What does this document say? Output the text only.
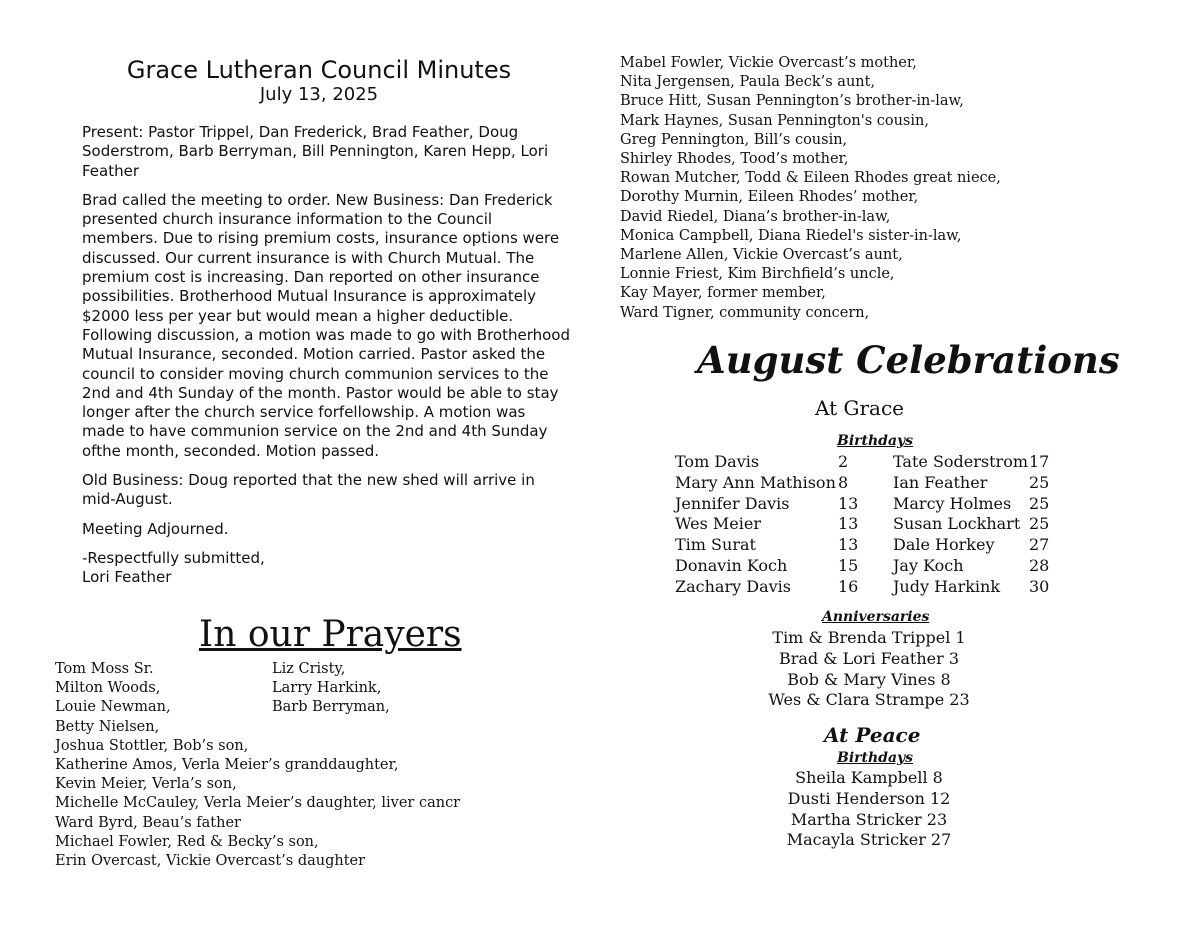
Grace Lutheran Council Minutes
July 13, 2025

Present: Pastor Trippel, Dan Frederick, Brad Feather, Doug Soderstrom, Barb Berryman, Bill Pennington, Karen Hepp, Lori Feather

Brad called the meeting to order. New Business: Dan Frederick presented church insurance information to the Council members. Due to rising premium costs, insurance options were discussed. Our current insurance is with Church Mutual. The premium cost is increasing. Dan reported on other insurance possibilities. Brotherhood Mutual Insurance is approximately $2000 less per year but would mean a higher deductible. Following discussion, a motion was made to go with Brotherhood Mutual Insurance, seconded. Motion carried. Pastor asked the council to consider moving church communion services to the 2nd and 4th Sunday of the month. Pastor would be able to stay longer after the church service forfellowship. A motion was made to have communion service on the 2nd and 4th Sunday ofthe month, seconded. Motion passed.

Old Business: Doug reported that the new shed will arrive in mid-August.

Meeting Adjourned.

-Respectfully submitted,
Lori Feather

In our Prayers
Tom Moss Sr.
Milton Woods,
Louie Newman,
Betty Nielsen,
Joshua Stottler, Bob’s son,
Katherine Amos, Verla Meier’s granddaughter,
Kevin Meier, Verla’s son,
Michelle McCauley, Verla Meier’s daughter, liver cancr
Ward Byrd, Beau’s father
Michael Fowler, Red & Becky’s son,
Erin Overcast, Vickie Overcast’s daughter
Liz Cristy,
Larry Harkink,
Barb Berryman,
Mabel Fowler, Vickie Overcast’s mother,
Nita Jergensen, Paula Beck’s aunt,
Bruce Hitt, Susan Pennington’s brother-in-law,
Mark Haynes, Susan Pennington's cousin,
Greg Pennington, Bill’s cousin,
Shirley Rhodes, Tood’s mother,
Rowan Mutcher, Todd & Eileen Rhodes great niece,
Dorothy Murnin, Eileen Rhodes’ mother,
David Riedel, Diana’s brother-in-law,
Monica Campbell, Diana Riedel's sister-in-law,
Marlene Allen, Vickie Overcast’s aunt,
Lonnie Friest, Kim Birchfield’s uncle,
Kay Mayer, former member,
Ward Tigner, community concern,
August Celebrations
At Grace
Birthdays
Tom Davis	2	Tate Soderstrom 17
Mary Ann Mathison 8	Ian Feather	25
Jennifer Davis	13 Marcy Holmes 25
Wes Meier	13 Susan Lockhart 25
Tim Surat	13 Dale Horkey 27
Donavin Koch	15 Jay Koch	28
Zachary Davis	16 Judy Harkink 30
Anniversaries
Tim & Brenda Trippel 1
Brad & Lori Feather 3
Bob & Mary Vines 8
Wes & Clara Strampe 23
At Peace
Birthdays
Sheila Kampbell 8
Dusti Henderson 12
Martha Stricker 23
Macayla Stricker 27
